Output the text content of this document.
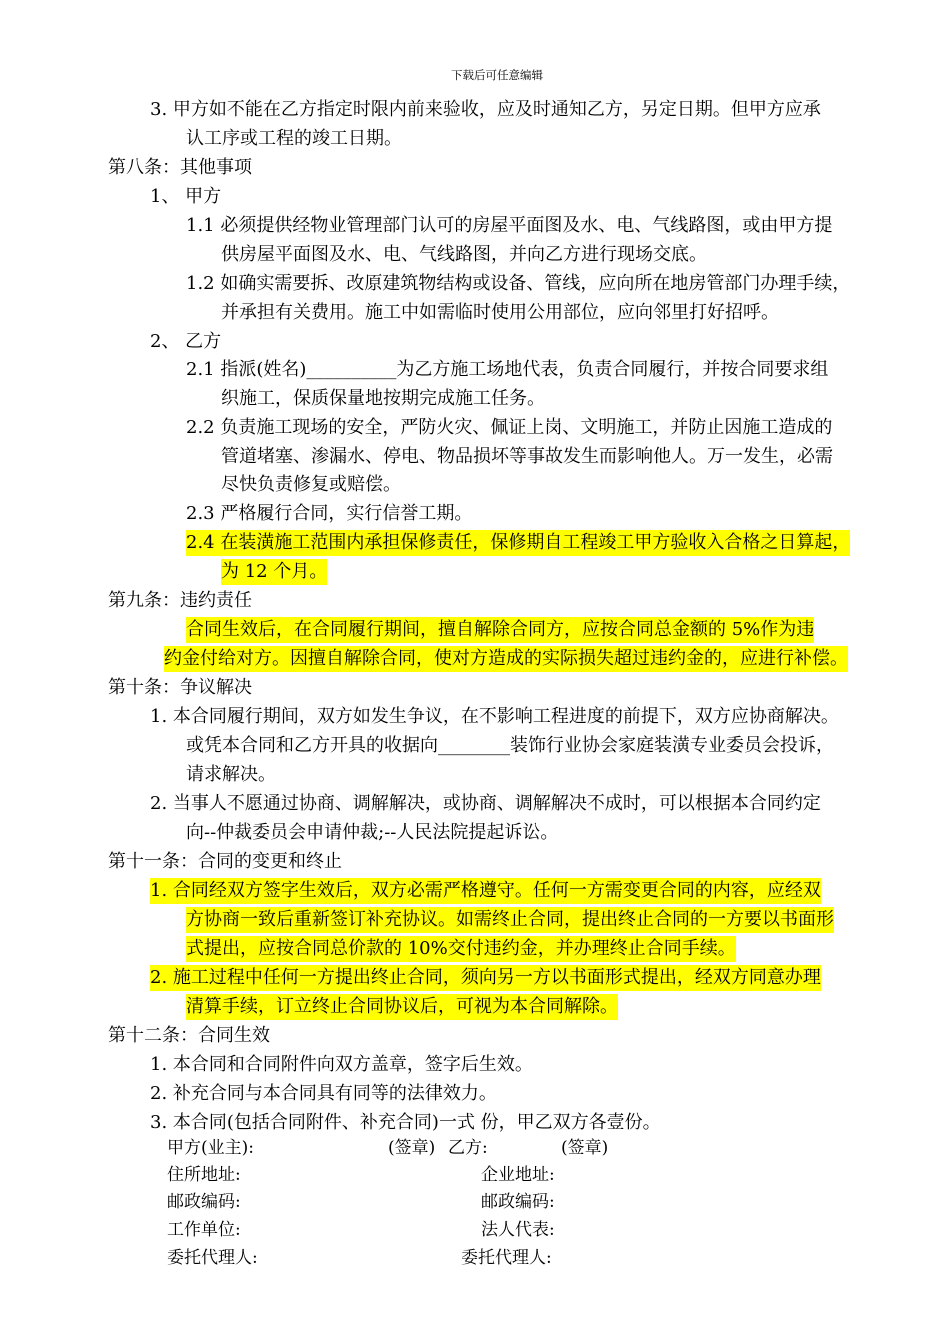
下载后可任意编辑
3. 甲方如不能在乙方指定时限内前来验收，应及时通知乙方，另定日期。但甲方应承
认工序或工程的竣工日期。
第八条：其他事项
1、 甲方
1.1 必须提供经物业管理部门认可的房屋平面图及水、电、气线路图，或由甲方提
供房屋平面图及水、电、气线路图，并向乙方进行现场交底。
1.2 如确实需要拆、改原建筑物结构或设备、管线，应向所在地房管部门办理手续，
并承担有关费用。施工中如需临时使用公用部位，应向邻里打好招呼。
2、 乙方
2.1 指派(姓名)__________为乙方施工场地代表，负责合同履行，并按合同要求组
织施工，保质保量地按期完成施工任务。
2.2 负责施工现场的安全，严防火灾、佩证上岗、文明施工，并防止因施工造成的
管道堵塞、渗漏水、停电、物品损坏等事故发生而影响他人。万一发生，必需
尽快负责修复或赔偿。
2.3 严格履行合同，实行信誉工期。
2.4 在装潢施工范围内承担保修责任，保修期自工程竣工甲方验收入合格之日算起，
为 12 个月。
第九条：违约责任
合同生效后，在合同履行期间，擅自解除合同方，应按合同总金额的 5%作为违
约金付给对方。因擅自解除合同，使对方造成的实际损失超过违约金的，应进行补偿。
第十条：争议解决
1. 本合同履行期间，双方如发生争议，在不影响工程进度的前提下，双方应协商解决。
或凭本合同和乙方开具的收据向________装饰行业协会家庭装潢专业委员会投诉，
请求解决。
2. 当事人不愿通过协商、调解解决，或协商、调解解决不成时，可以根据本合同约定
向--仲裁委员会申请仲裁;--人民法院提起诉讼。
第十一条：合同的变更和终止
1. 合同经双方签字生效后，双方必需严格遵守。任何一方需变更合同的内容，应经双
方协商一致后重新签订补充协议。如需终止合同，提出终止合同的一方要以书面形
式提出，应按合同总价款的 10%交付违约金，并办理终止合同手续。
2. 施工过程中任何一方提出终止合同，须向另一方以书面形式提出，经双方同意办理
清算手续，订立终止合同协议后，可视为本合同解除。
第十二条：合同生效
1. 本合同和合同附件向双方盖章，签字后生效。
2. 补充合同与本合同具有同等的法律效力。
3. 本合同(包括合同附件、补充合同)一式 份，甲乙双方各壹份。
甲方(业主):	(签章) 乙方:	(签章)
住所地址:	企业地址:
邮政编码:	邮政编码:
工作单位:	法人代表:
委托代理人:	委托代理人:
